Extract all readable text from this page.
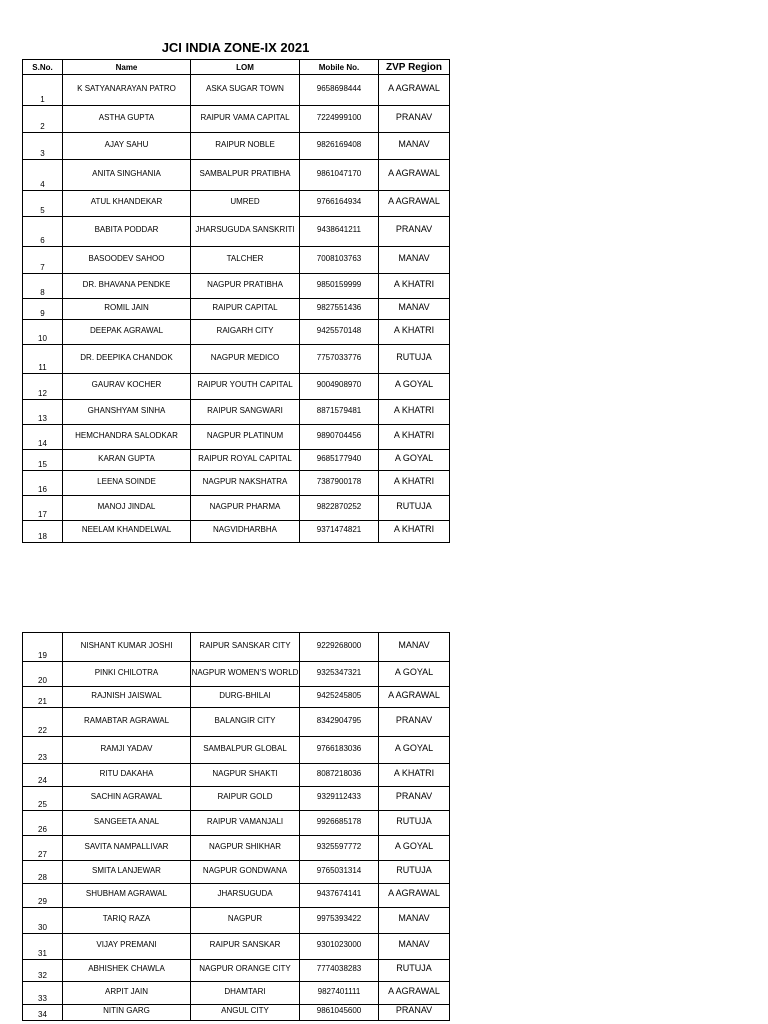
JCI INDIA ZONE-IX 2021
S.No.	Name	LOM	Mobile No.	ZVP Region
1	K SATYANARAYAN PATRO	ASKA SUGAR TOWN	9658698444	A AGRAWAL
2	ASTHA GUPTA	RAIPUR VAMA CAPITAL	7224999100	PRANAV
3	AJAY SAHU	RAIPUR NOBLE	9826169408	MANAV
4	ANITA SINGHANIA	SAMBALPUR PRATIBHA	9861047170	A AGRAWAL
5	ATUL KHANDEKAR	UMRED	9766164934	A AGRAWAL
6	BABITA PODDAR	JHARSUGUDA SANSKRITI	9438641211	PRANAV
7	BASOODEV SAHOO	TALCHER	7008103763	MANAV
8	DR. BHAVANA PENDKE	NAGPUR PRATIBHA	9850159999	A KHATRI
9	ROMIL JAIN	RAIPUR CAPITAL	9827551436	MANAV
10	DEEPAK AGRAWAL	RAIGARH CITY	9425570148	A KHATRI
11	DR. DEEPIKA CHANDOK	NAGPUR MEDICO	7757033776	RUTUJA
12	GAURAV KOCHER	RAIPUR YOUTH CAPITAL	9004908970	A GOYAL
13	GHANSHYAM SINHA	RAIPUR SANGWARI	8871579481	A KHATRI
14	HEMCHANDRA SALODKAR	NAGPUR PLATINUM	9890704456	A KHATRI
15	KARAN GUPTA	RAIPUR ROYAL CAPITAL	9685177940	A GOYAL
16	LEENA SOINDE	NAGPUR NAKSHATRA	7387900178	A KHATRI
17	MANOJ JINDAL	NAGPUR PHARMA	9822870252	RUTUJA
18	NEELAM KHANDELWAL	NAGVIDHARBHA	9371474821	A KHATRI
19	NISHANT KUMAR JOSHI	RAIPUR SANSKAR CITY	9229268000	MANAV
20	PINKI CHILOTRA	NAGPUR WOMEN'S WORLD	9325347321	A GOYAL
21	RAJNISH JAISWAL	DURG-BHILAI	9425245805	A AGRAWAL
22	RAMABTAR AGRAWAL	BALANGIR CITY	8342904795	PRANAV
23	RAMJI YADAV	SAMBALPUR GLOBAL	9766183036	A GOYAL
24	RITU DAKAHA	NAGPUR SHAKTI	8087218036	A KHATRI
25	SACHIN AGRAWAL	RAIPUR GOLD	9329112433	PRANAV
26	SANGEETA ANAL	RAIPUR VAMANJALI	9926685178	RUTUJA
27	SAVITA NAMPALLIVAR	NAGPUR SHIKHAR	9325597772	A GOYAL
28	SMITA LANJEWAR	NAGPUR GONDWANA	9765031314	RUTUJA
29	SHUBHAM AGRAWAL	JHARSUGUDA	9437674141	A AGRAWAL
30	TARIQ RAZA	NAGPUR	9975393422	MANAV
31	VIJAY PREMANI	RAIPUR SANSKAR	9301023000	MANAV
32	ABHISHEK CHAWLA	NAGPUR ORANGE CITY	7774038283	RUTUJA
33	ARPIT JAIN	DHAMTARI	9827401111	A AGRAWAL
34	NITIN GARG	ANGUL CITY	9861045600	PRANAV
